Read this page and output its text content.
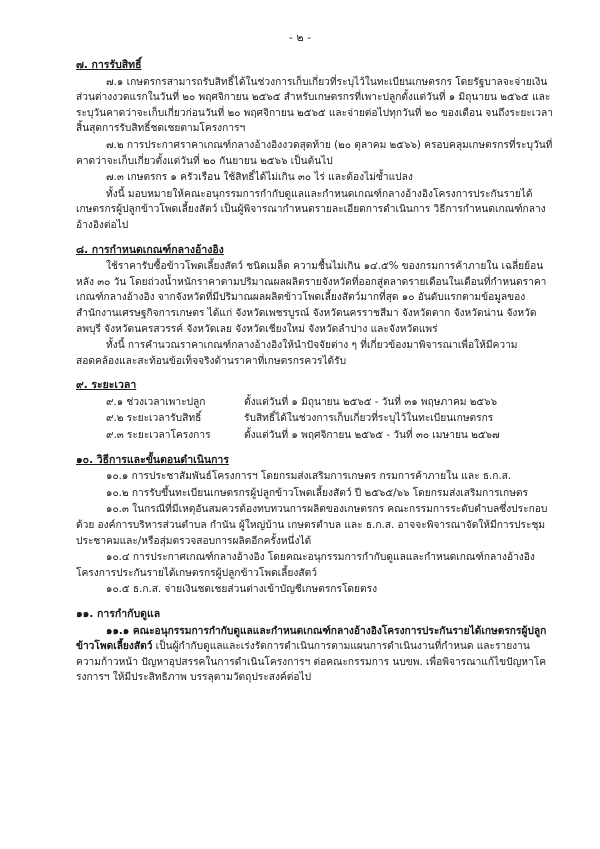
- ๒ -
๗. การรับสิทธิ์

๗.๑ เกษตรกรสามารถรับสิทธิ์ได้ในช่วงการเก็บเกี่ยวที่ระบุไว้ในทะเบียนเกษตรกร โดยรัฐบาลจะจ่ายเงินส่วนต่างงวดแรกในวันที่ ๒๐ พฤศจิกายน ๒๕๖๕ สำหรับเกษตรกรที่เพาะปลูกตั้งแต่วันที่ ๑ มิถุนายน ๒๕๖๕ และระบุวันคาดว่าจะเก็บเกี่ยวก่อนวันที่ ๒๐ พฤศจิกายน ๒๕๖๕ และจ่ายต่อไปทุกวันที่ ๒๐ ของเดือน จนถึงระยะเวลาสิ้นสุดการรับสิทธิ์ชดเชยตามโครงการฯ

๗.๒ การประกาศราคาเกณฑ์กลางอ้างอิงงวดสุดท้าย (๒๐ ตุลาคม ๒๕๖๖) ครอบคลุมเกษตรกรที่ระบุวันที่คาดว่าจะเก็บเกี่ยวตั้งแต่วันที่ ๒๐ กันยายน ๒๕๖๖ เป็นต้นไป

๗.๓ เกษตรกร ๑ ครัวเรือน ใช้สิทธิ์ได้ไม่เกิน ๓๐ ไร่ และต้องไม่ซ้ำแปลง

ทั้งนี้ มอบหมายให้คณะอนุกรรมการกำกับดูแลและกำหนดเกณฑ์กลางอ้างอิงโครงการประกันรายได้เกษตรกรผู้ปลูกข้าวโพดเลี้ยงสัตว์ เป็นผู้พิจารณากำหนดรายละเอียดการดำเนินการ วิธีการกำหนดเกณฑ์กลางอ้างอิงต่อไป

๘. การกำหนดเกณฑ์กลางอ้างอิง

ใช้ราคารับซื้อข้าวโพดเลี้ยงสัตว์ ชนิดเมล็ด ความชื้นไม่เกิน ๑๔.๕% ของกรมการค้าภายใน เฉลี่ยย้อนหลัง ๓๐ วัน โดยถ่วงน้ำหนักราคาตามปริมาณผลผลิตรายจังหวัดที่ออกสู่ตลาดรายเดือนในเดือนที่กำหนดราคาเกณฑ์กลางอ้างอิง จากจังหวัดที่มีปริมาณผลผลิตข้าวโพดเลี้ยงสัตว์มากที่สุด ๑๐ อันดับแรกตามข้อมูลของสำนักงานเศรษฐกิจการเกษตร ได้แก่ จังหวัดเพชรบูรณ์ จังหวัดนครราชสีมา จังหวัดตาก จังหวัดน่าน จังหวัดลพบุรี จังหวัดนครสวรรค์ จังหวัดเลย จังหวัดเชียงใหม่ จังหวัดลำปาง และจังหวัดแพร่

ทั้งนี้ การคำนวณราคาเกณฑ์กลางอ้างอิงให้นำปัจจัยต่าง ๆ ที่เกี่ยวข้องมาพิจารณาเพื่อให้มีความสอดคล้องและสะท้อนข้อเท็จจริงด้านราคาที่เกษตรกรควรได้รับ

๙. ระยะเวลา
๙.๑ ช่วงเวลาเพาะปลูก	ตั้งแต่วันที่ ๑ มิถุนายน ๒๕๖๕ - วันที่ ๓๑ พฤษภาคม ๒๕๖๖
๙.๒ ระยะเวลารับสิทธิ์	รับสิทธิ์ได้ในช่วงการเก็บเกี่ยวที่ระบุไว้ในทะเบียนเกษตรกร
๙.๓ ระยะเวลาโครงการ	ตั้งแต่วันที่ ๑ พฤศจิกายน ๒๕๖๕ - วันที่ ๓๐ เมษายน ๒๕๖๗
๑๐. วิธีการและขั้นตอนดำเนินการ

๑๐.๑ การประชาสัมพันธ์โครงการฯ โดยกรมส่งเสริมการเกษตร กรมการค้าภายใน และ ธ.ก.ส.

๑๐.๒ การรับขึ้นทะเบียนเกษตรกรผู้ปลูกข้าวโพดเลี้ยงสัตว์ ปี ๒๕๖๕/๖๖ โดยกรมส่งเสริมการเกษตร

๑๐.๓ ในกรณีที่มีเหตุอันสมควรต้องทบทวนการผลิตของเกษตรกร คณะกรรมการระดับตำบลซึ่งประกอบด้วย องค์การบริหารส่วนตำบล กำนัน ผู้ใหญ่บ้าน เกษตรตำบล และ ธ.ก.ส. อาจจะพิจารณาจัดให้มีการประชุมประชาคมและ/หรือสุ่มตรวจสอบการผลิตอีกครั้งหนึ่งได้

๑๐.๔ การประกาศเกณฑ์กลางอ้างอิง โดยคณะอนุกรรมการกำกับดูแลและกำหนดเกณฑ์กลางอ้างอิงโครงการประกันรายได้เกษตรกรผู้ปลูกข้าวโพดเลี้ยงสัตว์

๑๐.๕ ธ.ก.ส. จ่ายเงินชดเชยส่วนต่างเข้าบัญชีเกษตรกรโดยตรง

๑๑. การกำกับดูแล

๑๑.๑ คณะอนุกรรมการกำกับดูแลและกำหนดเกณฑ์กลางอ้างอิงโครงการประกันรายได้เกษตรกรผู้ปลูกข้าวโพดเลี้ยงสัตว์ เป็นผู้กำกับดูแลและเร่งรัดการดำเนินการตามแผนการดำเนินงานที่กำหนด และรายงานความก้าวหน้า ปัญหาอุปสรรคในการดำเนินโครงการฯ ต่อคณะกรรมการ นบขพ. เพื่อพิจารณาแก้ไขปัญหาโครงการฯ ให้มีประสิทธิภาพ บรรลุตามวัตถุประสงค์ต่อไป
